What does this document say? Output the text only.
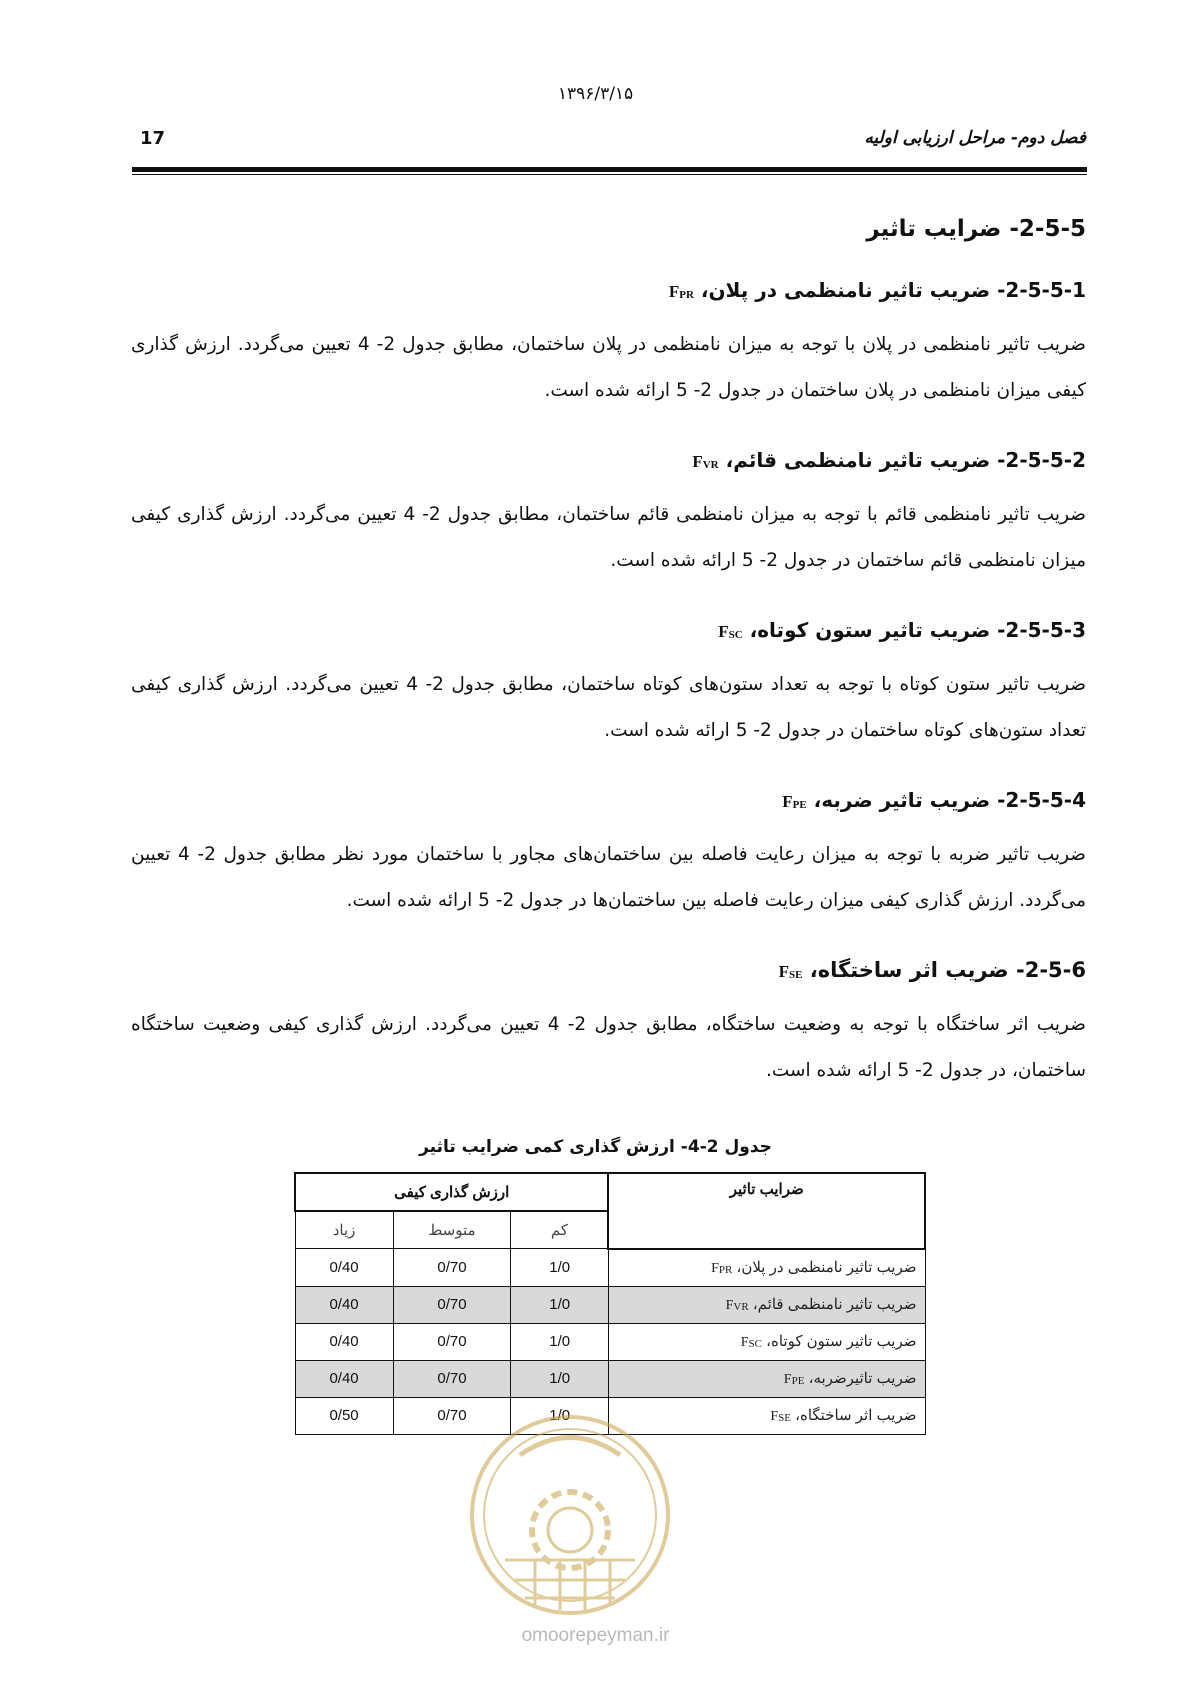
۱۳۹۶/۳/۱۵
17	فصل دوم- مراحل ارزیابی اولیه
2-5-5- ضرایب تاثیر
2-5-5-1- ضریب تاثیر نامنظمی در پلان، $F_{PR}$

ضریب تاثیر نامنظمی در پلان با توجه به میزان نامنظمی در پلان ساختمان، مطابق جدول 2- 4 تعیین می‌گردد. ارزش گذاری کیفی میزان نامنظمی در پلان ساختمان در جدول 2- 5 ارائه شده است.

2-5-5-2- ضریب تاثیر نامنظمی قائم، $F_{VR}$

ضریب تاثیر نامنظمی قائم با توجه به میزان نامنظمی قائم ساختمان، مطابق جدول 2- 4 تعیین می‌گردد. ارزش گذاری کیفی میزان نامنظمی قائم ساختمان در جدول 2- 5 ارائه شده است.

2-5-5-3- ضریب تاثیر ستون کوتاه، $F_{SC}$

ضریب تاثیر ستون کوتاه با توجه به تعداد ستون‌های کوتاه ساختمان، مطابق جدول 2- 4 تعیین می‌گردد. ارزش گذاری کیفی تعداد ستون‌های کوتاه ساختمان در جدول 2- 5 ارائه شده است.

2-5-5-4- ضریب تاثیر ضربه، $F_{PE}$

ضریب تاثیر ضربه با توجه به میزان رعایت فاصله بین ساختمان‌های مجاور با ساختمان مورد نظر مطابق جدول 2- 4 تعیین می‌گردد. ارزش گذاری کیفی میزان رعایت فاصله بین ساختمان‌ها در جدول 2- 5 ارائه شده است.

2-5-6- ضریب اثر ساختگاه، $F_{SE}$

ضریب اثر ساختگاه با توجه به وضعیت ساختگاه، مطابق جدول 2- 4 تعیین می‌گردد. ارزش گذاری کیفی وضعیت ساختگاه ساختمان، در جدول 2- 5 ارائه شده است.

جدول 2-4- ارزش گذاری کمی ضرایب تاثیر
ضرایب تاثیر	ارزش گذاری کیفی		
	کم	متوسط	زیاد
ضریب تاثیر نامنظمی در پلان، $F_{PR}$	1/0	0/70	0/40
ضریب تاثیر نامنظمی قائم، $F_{VR}$	1/0	0/70	0/40
ضریب تاثیر ستون کوتاه، $F_{SC}$	1/0	0/70	0/40
ضریب تاثیرضربه، $F_{PE}$	1/0	0/70	0/40
ضریب اثر ساختگاه، $F_{SE}$	1/0	0/70	0/50
omoorepeyman.ir
